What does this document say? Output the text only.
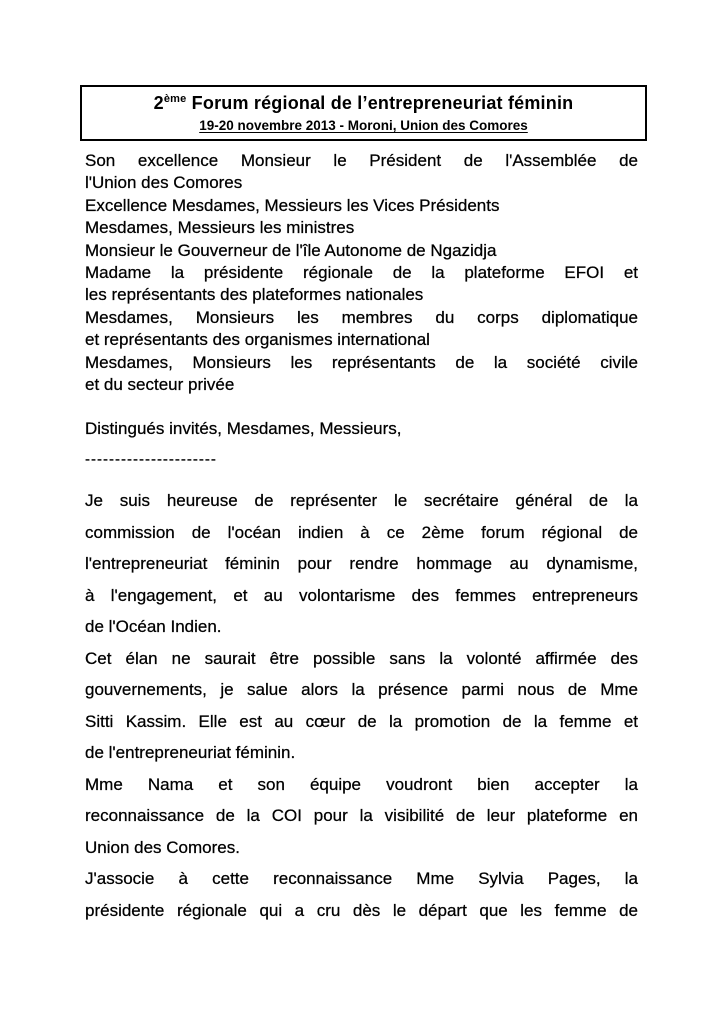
2ème Forum régional de l’entrepreneuriat féminin
19-20 novembre 2013 - Moroni, Union des Comores
Son excellence Monsieur le Président de l'Assemblée de
l'Union des Comores
Excellence Mesdames, Messieurs les Vices Présidents
Mesdames, Messieurs les ministres
Monsieur le Gouverneur de l'île Autonome de Ngazidja
Madame la présidente régionale de la plateforme EFOI et
les représentants des plateformes nationales
Mesdames, Monsieurs les membres du corps diplomatique
et représentants des organismes international
Mesdames, Monsieurs les représentants de la société civile
et du secteur privée
Distingués invités, Mesdames, Messieurs,
----------------------
Je suis heureuse de représenter le secrétaire général de la
commission de l'océan indien à ce 2ème forum régional de
l'entrepreneuriat féminin pour rendre hommage au dynamisme,
à l'engagement, et au volontarisme des femmes entrepreneurs
de l'Océan Indien.
Cet élan ne saurait être possible sans la volonté affirmée des
gouvernements, je salue alors la présence parmi nous de Mme
Sitti Kassim. Elle est au cœur de la promotion de la femme et
de l'entrepreneuriat féminin.
Mme Nama et son équipe voudront bien accepter la
reconnaissance de la COI pour la visibilité de leur plateforme en
Union des Comores.
J'associe à cette reconnaissance Mme Sylvia Pages, la
présidente régionale qui a cru dès le départ que les femme de
